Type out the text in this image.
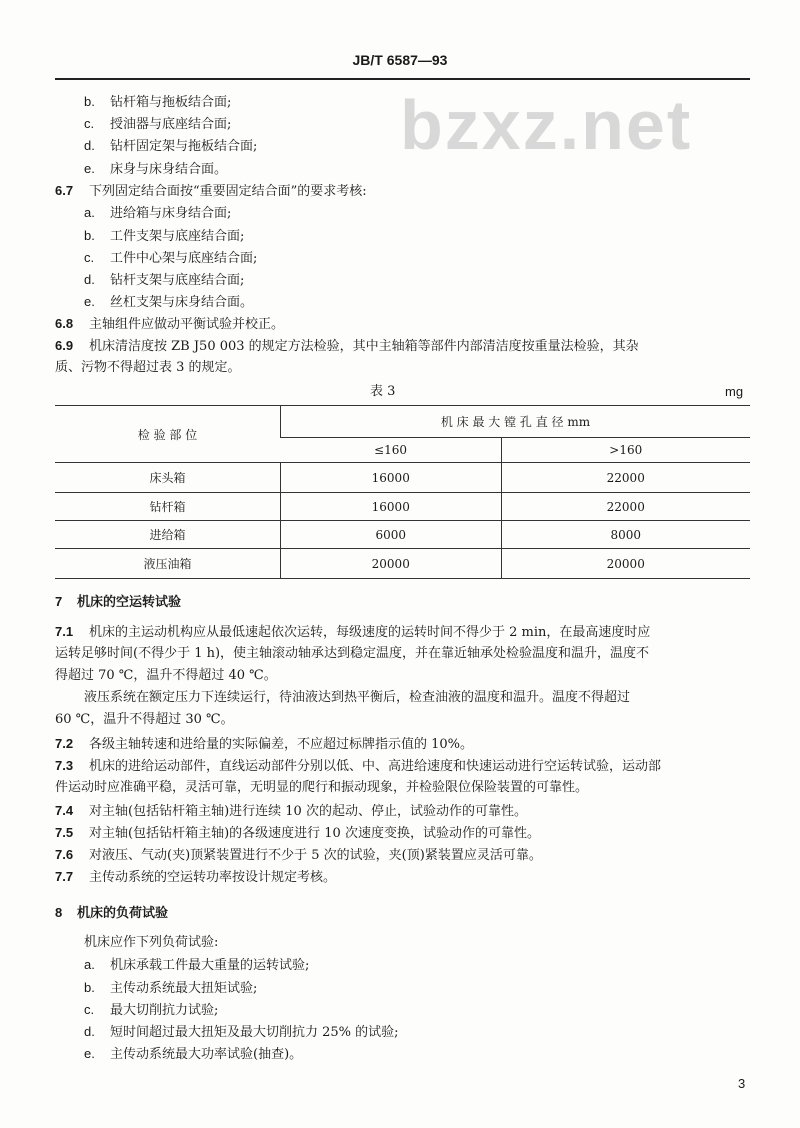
bzxz.net
JB/T 6587—93
b. 钻杆箱与拖板结合面;
c. 授油器与底座结合面;
d. 钻杆固定架与拖板结合面;
e. 床身与床身结合面。
6.7 下列固定结合面按“重要固定结合面”的要求考核:
a. 进给箱与床身结合面;
b. 工件支架与底座结合面;
c. 工件中心架与底座结合面;
d. 钻杆支架与底座结合面;
e. 丝杠支架与床身结合面。
6.8 主轴组件应做动平衡试验并校正。
6.9 机床清洁度按 ZB J50 003 的规定方法检验，其中主轴箱等部件内部清洁度按重量法检验，其杂
质、污物不得超过表 3 的规定。
表 3	mg
检 验 部 位	机 床 最 大 镗 孔 直 径 mm	
	≤160	>160
床头箱	16000	22000
钻杆箱	16000	22000
进给箱	6000	8000
液压油箱	20000	20000
7 机床的空运转试验
7.1 机床的主运动机构应从最低速起依次运转，每级速度的运转时间不得少于 2 min，在最高速度时应
运转足够时间(不得少于 1 h)，使主轴滚动轴承达到稳定温度，并在靠近轴承处检验温度和温升，温度不
得超过 70 ℃，温升不得超过 40 ℃。
液压系统在额定压力下连续运行，待油液达到热平衡后，检查油液的温度和温升。温度不得超过
60 ℃，温升不得超过 30 ℃。
7.2 各级主轴转速和进给量的实际偏差，不应超过标牌指示值的 10%。
7.3 机床的进给运动部件，直线运动部件分别以低、中、高进给速度和快速运动进行空运转试验，运动部
件运动时应准确平稳，灵活可靠，无明显的爬行和振动现象，并检验限位保险装置的可靠性。
7.4 对主轴(包括钻杆箱主轴)进行连续 10 次的起动、停止，试验动作的可靠性。
7.5 对主轴(包括钻杆箱主轴)的各级速度进行 10 次速度变换，试验动作的可靠性。
7.6 对液压、气动(夹)顶紧装置进行不少于 5 次的试验，夹(顶)紧装置应灵活可靠。
7.7 主传动系统的空运转功率按设计规定考核。
8 机床的负荷试验
机床应作下列负荷试验:
a. 机床承载工件最大重量的运转试验;
b. 主传动系统最大扭矩试验;
c. 最大切削抗力试验;
d. 短时间超过最大扭矩及最大切削抗力 25% 的试验;
e. 主传动系统最大功率试验(抽查)。
3
